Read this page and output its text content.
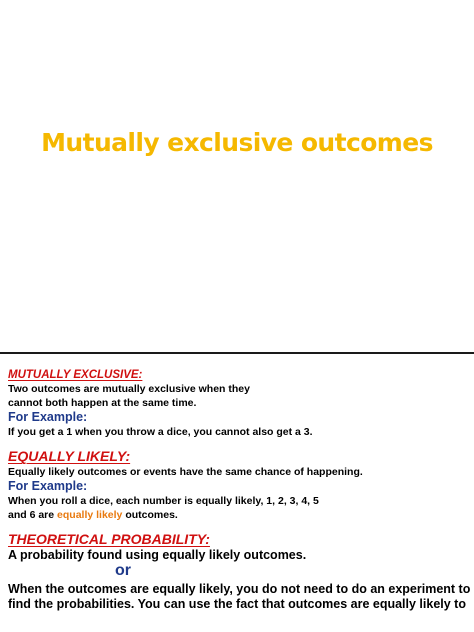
Mutually exclusive outcomes
MUTUALLY EXCLUSIVE:
Two outcomes are mutually exclusive when they
cannot both happen at the same time.
For Example:
If you get a 1 when you throw a dice, you cannot also get a 3.
EQUALLY LIKELY:
Equally likely outcomes or events have the same chance of happening.
For Example:
When you roll a dice, each number is equally likely, 1, 2, 3, 4, 5
and 6 are equally likely outcomes.
THEORETICAL PROBABILITY:
A probability found using equally likely outcomes.
or
When the outcomes are equally likely, you do not need to do an experiment to
find the probabilities. You can use the fact that outcomes are equally likely to
